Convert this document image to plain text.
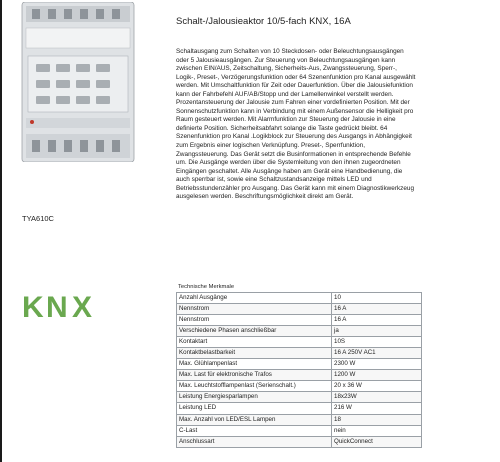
TYA610C
K N X
Schalt-/Jalousieaktor 10/5-fach KNX, 16A

Schaltausgang zum Schalten von 10 Steckdosen- oder Beleuchtungsausgängen oder 5 Jalousieausgängen. Zur Steuerung von Beleuchtungsausgängen kann zwischen EIN/AUS, Zeitschaltung, Sicherheits-Aus, Zwangssteuerung, Sperr-, Logik-, Preset-, Verzögerungsfunktion oder 64 Szenenfunktion pro Kanal ausgewählt werden. Mit Umschaltfunktion für Zeit oder Dauerfunktion. Über die Jalousiefunktion kann der Fahrbefehl AUF/AB/Stopp und der Lamellenwinkel verstellt werden. Prozentansteuerung der Jalousie zum Fahren einer vordefinierten Position. Mit der Sonnenschutzfunktion kann in Verbindung mit einem Außensensor die Helligkeit pro Raum gesteuert werden. Mit Alarmfunktion zur Steuerung der Jalousie in eine definierte Position. Sicherheitsabfahrt solange die Taste gedrückt bleibt. 64 Szenenfunktion pro Kanal .Logikblock zur Steuerung des Ausgangs in Abhängigkeit zum Ergebnis einer logischen Verknüpfung. Preset-, Sperrfunktion, Zwangssteuerung. Das Gerät setzt die Businformationen in entsprechende Befehle um. Die Ausgänge werden über die Systemleitung von den ihnen zugeordneten Eingängen geschaltet. Alle Ausgänge haben am Gerät eine Handbedienung, die auch sperrbar ist, sowie eine Schaltzustandsanzeige mittels LED und Betriebsstundenzähler pro Ausgang. Das Gerät kann mit einem Diagnostikwerkzeug ausgelesen werden. Beschriftungsmöglichkeit direkt am Gerät.

Technische Merkmale
Anzahl Ausgänge	10
Nennstrom	16 A
Nennstrom	16 A
Verschiedene Phasen anschließbar	ja
Kontaktart	10S
Kontaktbelastbarkeit	16 A 250V AC1
Max. Glühlampenlast	2300 W
Max. Last für elektronische Trafos	1200 W
Max. Leuchtstofflampenlast (Serienschalt.)	20 x 36 W
Leistung Energiesparlampen	18x23W
Leistung LED	216 W
Max. Anzahl von LED/ESL Lampen	18
C-Last	nein
Anschlussart	QuickConnect
